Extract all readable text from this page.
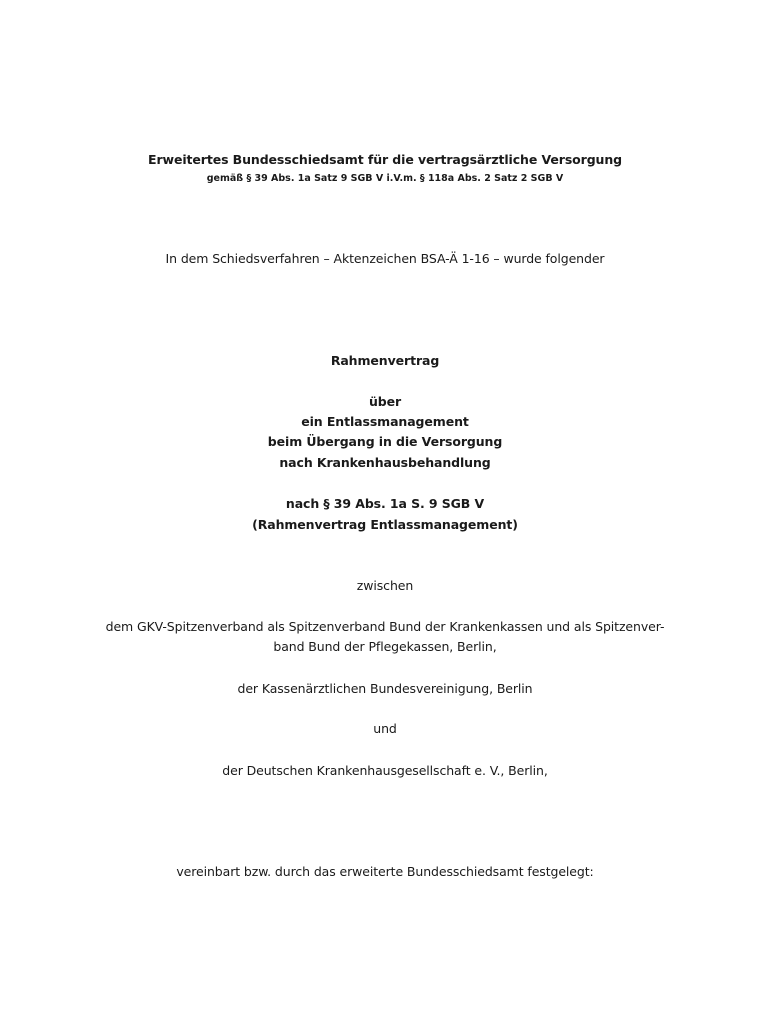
Erweitertes Bundesschiedsamt für die vertragsärztliche Versorgung
gemäß § 39 Abs. 1a Satz 9 SGB V i.V.m. § 118a Abs. 2 Satz 2 SGB V
In dem Schiedsverfahren – Aktenzeichen BSA-Ä 1-16 – wurde folgender
Rahmenvertrag
über
ein Entlassmanagement
beim Übergang in die Versorgung
nach Krankenhausbehandlung
nach § 39 Abs. 1a S. 9 SGB V
(Rahmenvertrag Entlassmanagement)
zwischen
dem GKV-Spitzenverband als Spitzenverband Bund der Krankenkassen und als Spitzenver-
band Bund der Pflegekassen, Berlin,
der Kassenärztlichen Bundesvereinigung, Berlin
und
der Deutschen Krankenhausgesellschaft e. V., Berlin,
vereinbart bzw. durch das erweiterte Bundesschiedsamt festgelegt:
